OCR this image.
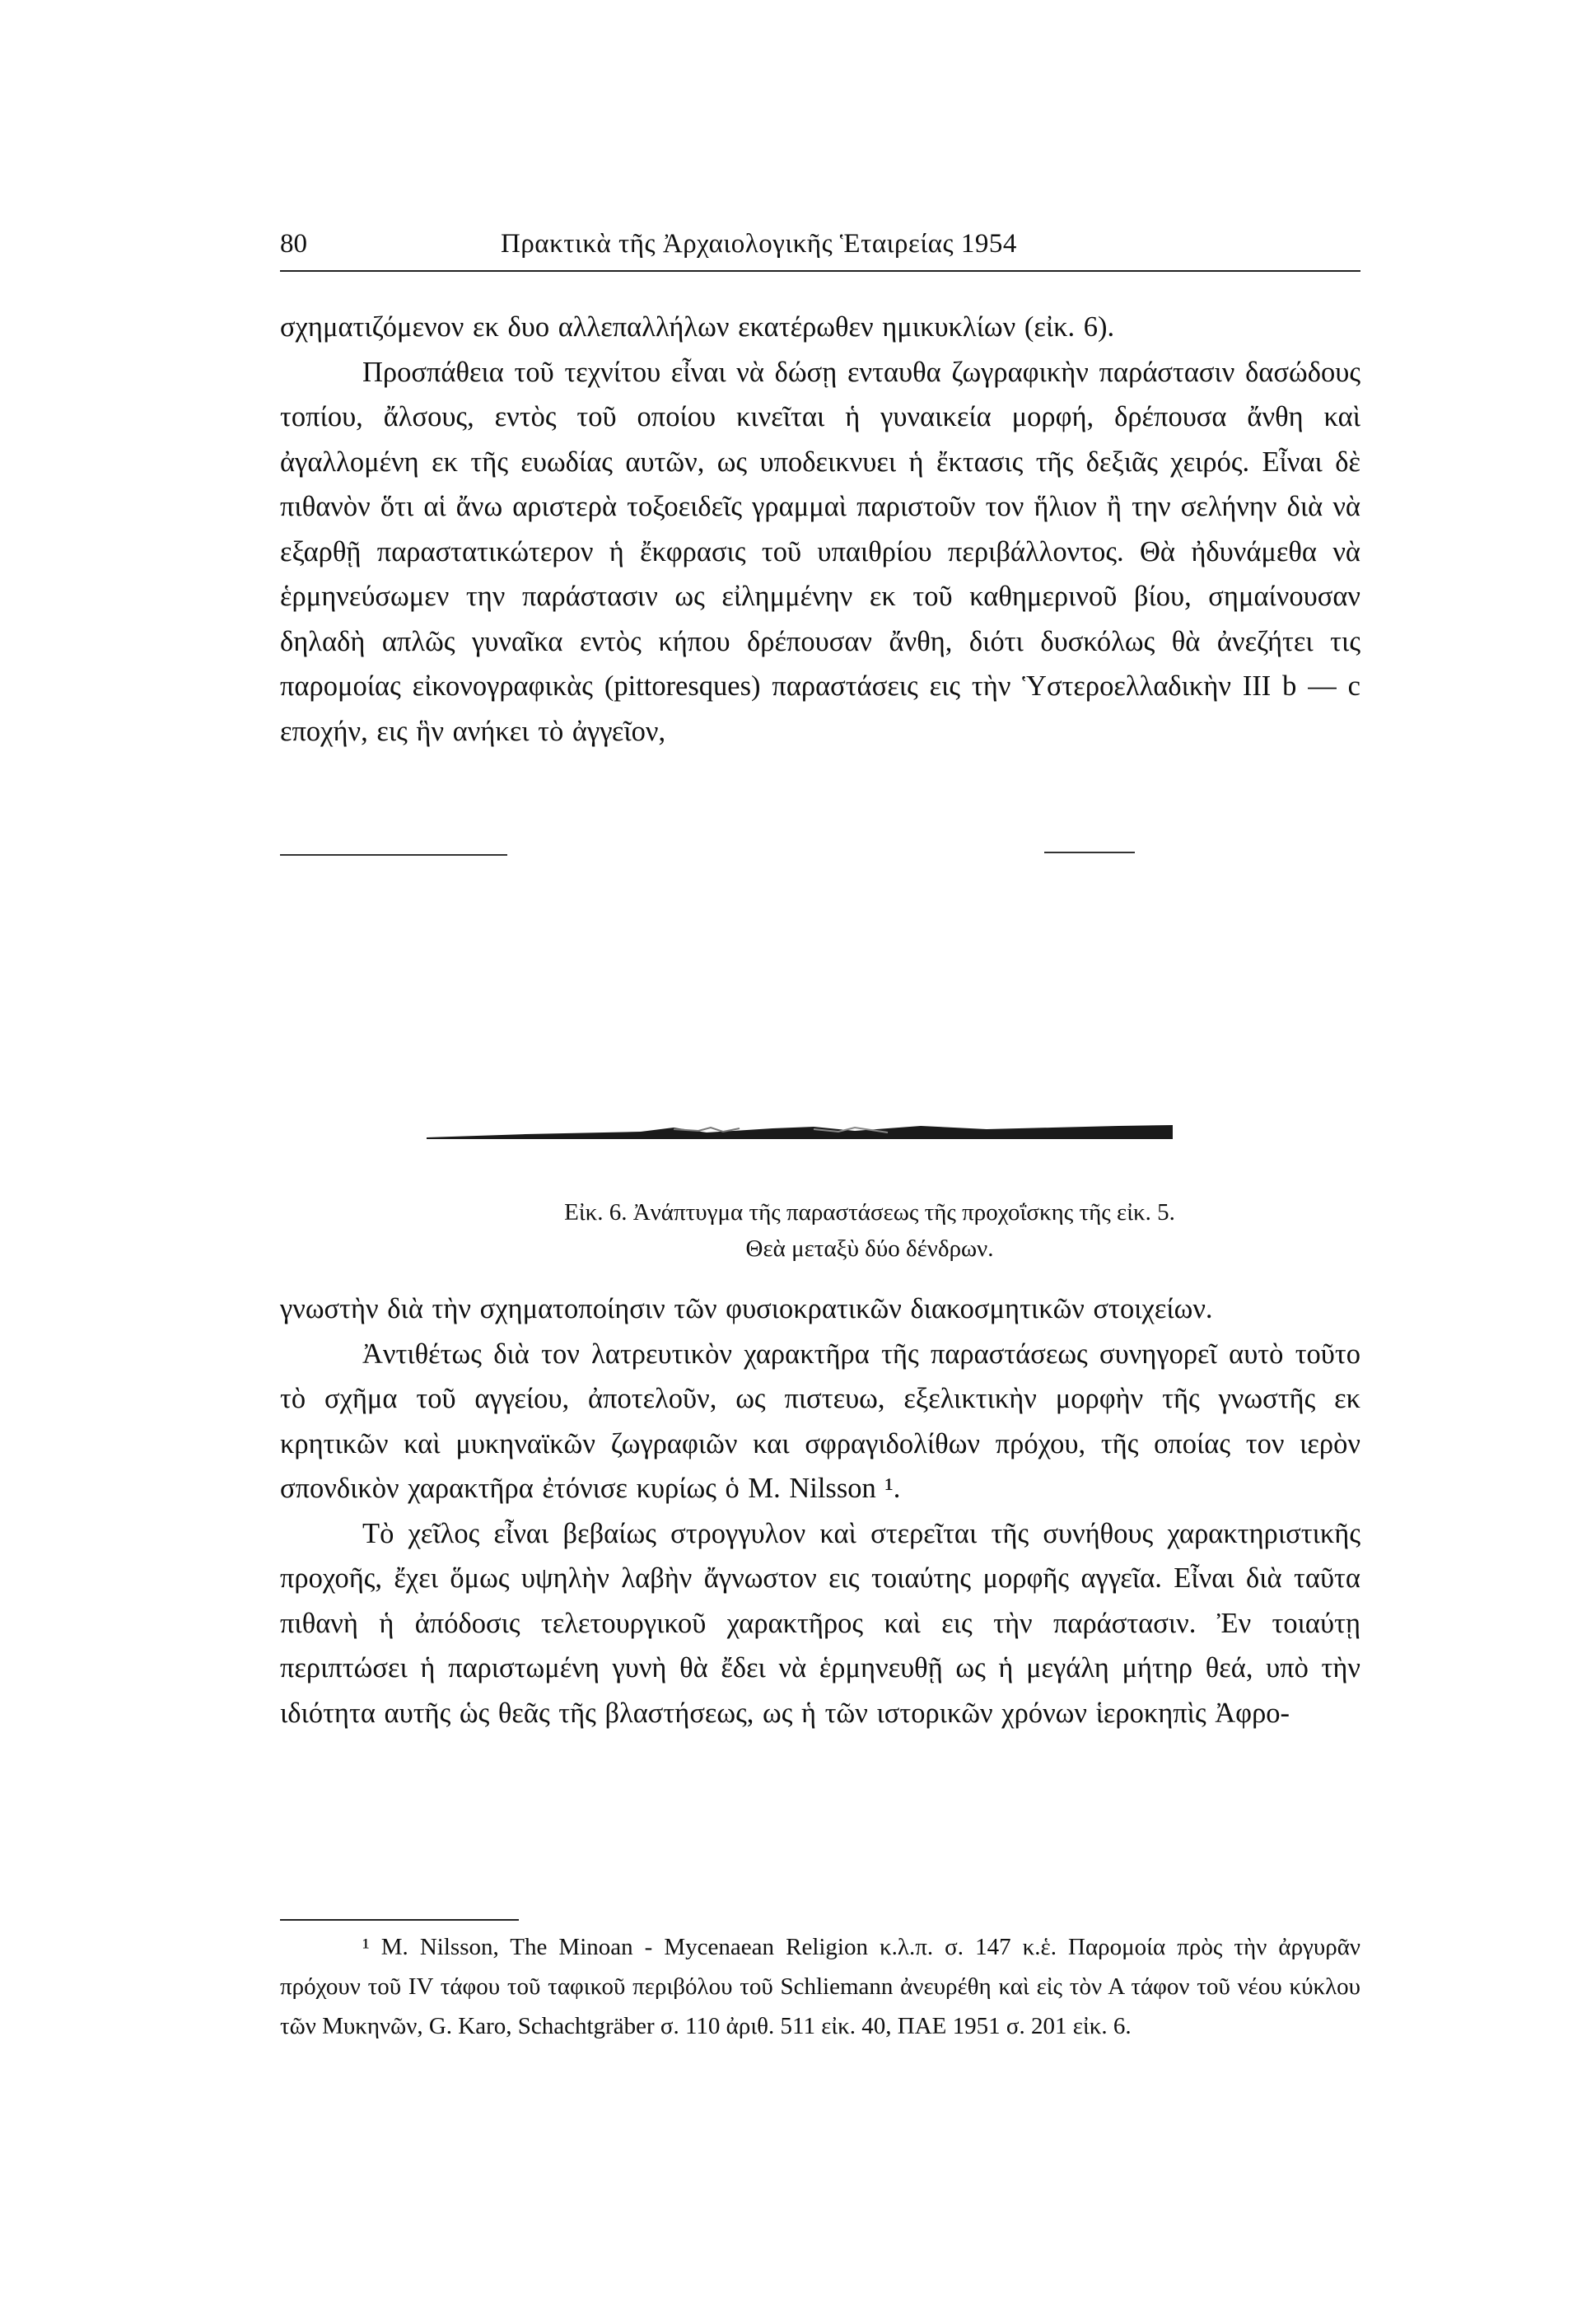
80	Πρακτικὰ τῆς Ἀρχαιολογικῆς Ἑταιρείας 1954

σχηματιζόμενον εκ δυο αλλεπαλλήλων εκατέρωθεν ημικυκλίων (εἰκ. 6).

Προσπάθεια τοῦ τεχνίτου εἶναι νὰ δώσῃ ενταυθα ζωγραφικὴν παράστασιν δασώδους τοπίου, ἄλσους, εντὸς τοῦ οποίου κινεῖται ἡ γυναικεία μορφή, δρέπουσα ἄνθη καὶ ἀγαλλομένη εκ τῆς ευωδίας αυτῶν, ως υποδεικνυει ἡ ἔκτασις τῆς δεξιᾶς χειρός. Εἶναι δὲ πιθανὸν ὅτι αἱ ἄνω αριστερὰ τοξοειδεῖς γραμμαὶ παριστοῦν τον ἥλιον ἢ την σελήνην διὰ νὰ εξαρθῇ παραστατικώτερον ἡ ἔκφρασις τοῦ υπαιθρίου περιβάλλοντος. Θὰ ἠδυνάμεθα νὰ ἑρμηνεύσωμεν την παράστασιν ως εἰλημμένην εκ τοῦ καθημερινοῦ βίου, σημαίνουσαν δηλαδὴ απλῶς γυναῖκα εντὸς κήπου δρέπουσαν ἄνθη, διότι δυσκόλως θὰ ἀνεζήτει τις παρομοίας εἰκονογραφικὰς (pittoresques) παραστάσεις εις τὴν Ὑστεροελλαδικὴν III b — c εποχήν, εις ἣν ανήκει τὸ ἀγγεῖον,

Εἰκ. 6. Ἀνάπτυγμα τῆς παραστάσεως τῆς προχοΐσκης τῆς εἰκ. 5.
Θεὰ μεταξὺ δύο δένδρων.

γνωστὴν διὰ τὴν σχηματοποίησιν τῶν φυσιοκρατικῶν διακοσμητικῶν στοιχείων.

Ἀντιθέτως διὰ τον λατρευτικὸν χαρακτῆρα τῆς παραστάσεως συνηγορεῖ αυτὸ τοῦτο τὸ σχῆμα τοῦ αγγείου, ἀποτελοῦν, ως πιστευω, εξελικτικὴν μορφὴν τῆς γνωστῆς εκ κρητικῶν καὶ μυκηναϊκῶν ζωγραφιῶν και σφραγιδολίθων πρόχου, τῆς οποίας τον ιερὸν σπονδικὸν χαρακτῆρα ἐτόνισε κυρίως ὁ Μ. Nilsson ¹.

Τὸ χεῖλος εἶναι βεβαίως στρογγυλον καὶ στερεῖται τῆς συνήθους χαρακτηριστικῆς προχοῆς, ἔχει ὅμως υψηλὴν λαβὴν ἄγνωστον εις τοιαύτης μορφῆς αγγεῖα. Εἶναι διὰ ταῦτα πιθανὴ ἡ ἀπόδοσις τελετουργικοῦ χαρακτῆρος καὶ εις τὴν παράστασιν. Ἐν τοιαύτῃ περιπτώσει ἡ παριστωμένη γυνὴ θὰ ἔδει νὰ ἑρμηνευθῇ ως ἡ μεγάλη μήτηρ θεά, υπὸ τὴν ιδιότητα αυτῆς ὡς θεᾶς τῆς βλαστήσεως, ως ἡ τῶν ιστορικῶν χρόνων ἱεροκηπὶς Ἀφρο-

¹ Μ. Nilsson, The Minoan - Mycenaean Religion κ.λ.π. σ. 147 κ.ἑ. Παρομοία πρὸς τὴν ἀργυρᾶν πρόχουν τοῦ IV τάφου τοῦ ταφικοῦ περιβόλου τοῦ Schliemann ἀνευρέθη καὶ εἰς τὸν Α τάφον τοῦ νέου κύκλου τῶν Μυκηνῶν, G. Karo, Schachtgräber σ. 110 ἀριθ. 511 εἰκ. 40, ΠΑΕ 1951 σ. 201 εἰκ. 6.
